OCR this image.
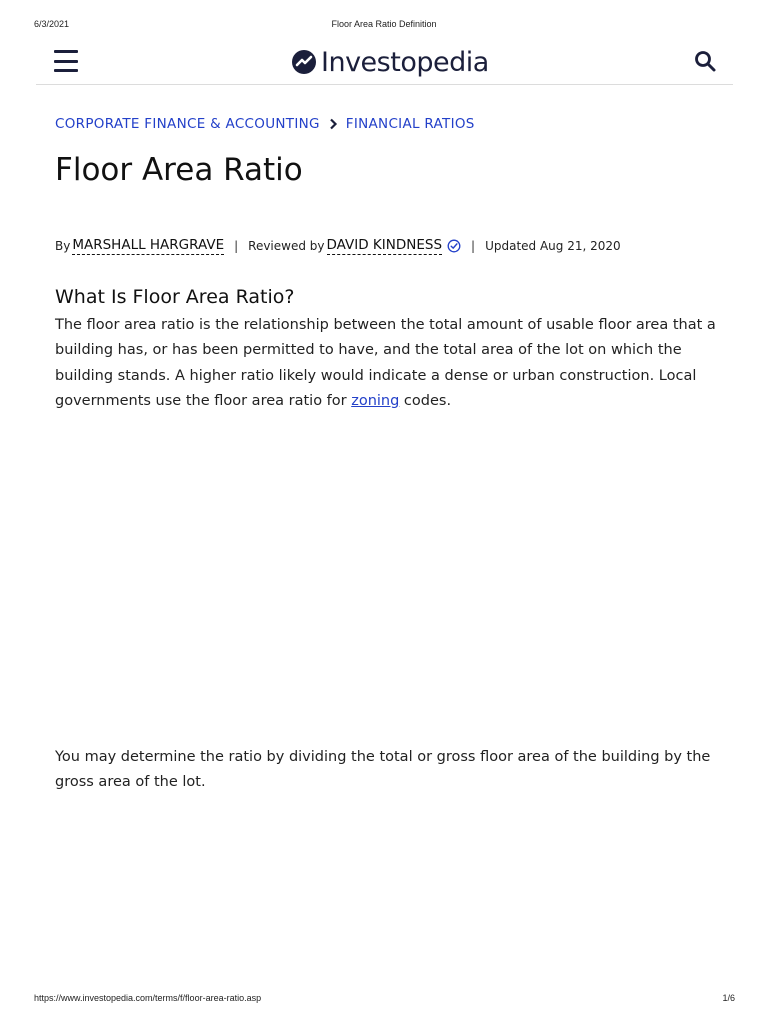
6/3/2021	Floor Area Ratio Definition
Investopedia
CORPORATE FINANCE & ACCOUNTING FINANCIAL RATIOS
Floor Area Ratio
By MARSHALL HARGRAVE | Reviewed by DAVID KINDNESS | Updated Aug 21, 2020
What Is Floor Area Ratio?

The floor area ratio is the relationship between the total amount of usable floor area that a building has, or has been permitted to have, and the total area of the lot on which the building stands. A higher ratio likely would indicate a dense or urban construction. Local governments use the floor area ratio for zoning codes.

You may determine the ratio by dividing the total or gross floor area of the building by the gross area of the lot.

https://www.investopedia.com/terms/f/floor-area-ratio.asp	1/6
